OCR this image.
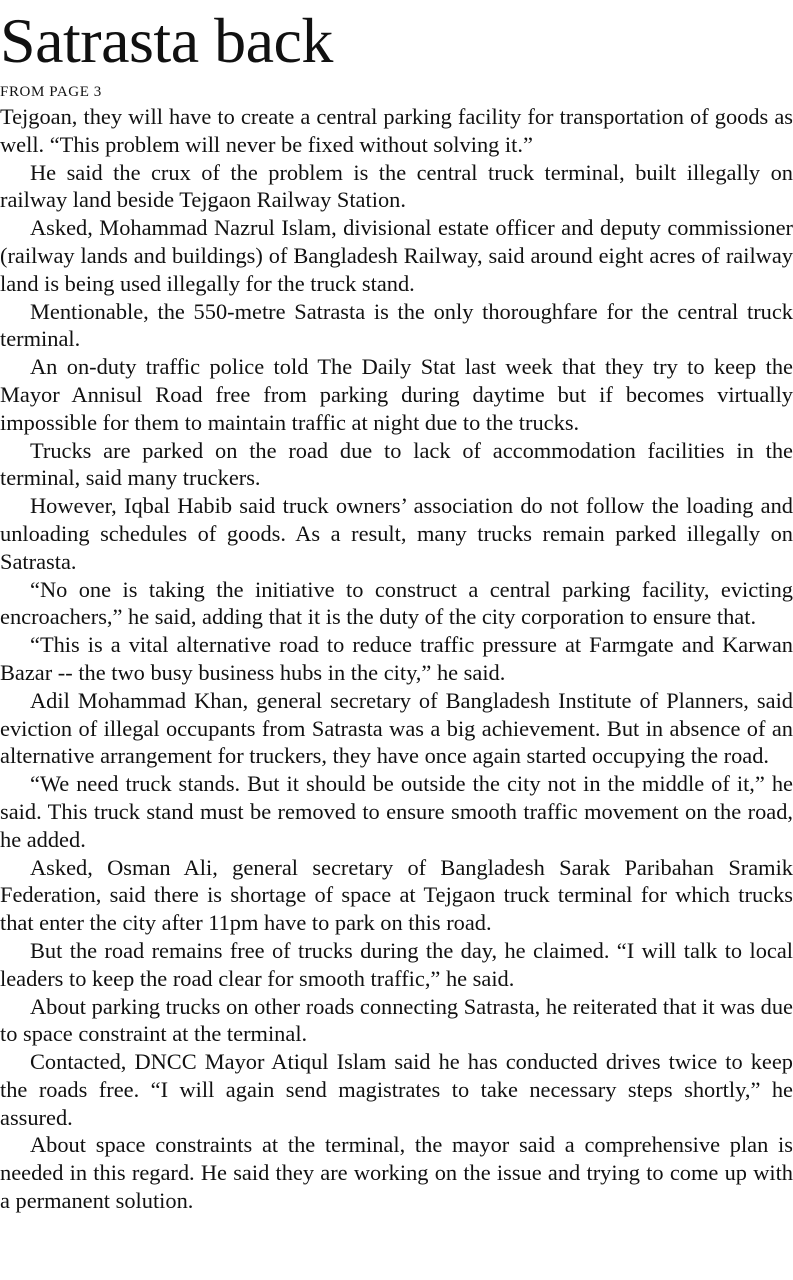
Satrasta back
FROM PAGE 3

Tejgoan, they will have to create a central parking facility for transportation of goods as well. “This problem will never be fixed without solving it.”

He said the crux of the problem is the central truck terminal, built illegally on railway land beside Tejgaon Railway Station.

Asked, Mohammad Nazrul Islam, divisional estate officer and deputy commissioner (railway lands and buildings) of Bangladesh Railway, said around eight acres of railway land is being used illegally for the truck stand.

Mentionable, the 550-metre Satrasta is the only thoroughfare for the central truck terminal.

An on-duty traffic police told The Daily Stat last week that they try to keep the Mayor Annisul Road free from parking during daytime but if becomes virtually impossible for them to maintain traffic at night due to the trucks.

Trucks are parked on the road due to lack of accommodation facilities in the terminal, said many truckers.

However, Iqbal Habib said truck owners’ association do not follow the loading and unloading schedules of goods. As a result, many trucks remain parked illegally on Satrasta.

“No one is taking the initiative to construct a central parking facility, evicting encroachers,” he said, adding that it is the duty of the city corporation to ensure that.

“This is a vital alternative road to reduce traffic pressure at Farmgate and Karwan Bazar -- the two busy business hubs in the city,” he said.

Adil Mohammad Khan, general secretary of Bangladesh Institute of Planners, said eviction of illegal occupants from Satrasta was a big achievement. But in absence of an alternative arrangement for truckers, they have once again started occupying the road.

“We need truck stands. But it should be outside the city not in the middle of it,” he said. This truck stand must be removed to ensure smooth traffic movement on the road, he added.

Asked, Osman Ali, general secretary of Bangladesh Sarak Paribahan Sramik Federation, said there is shortage of space at Tejgaon truck terminal for which trucks that enter the city after 11pm have to park on this road.

But the road remains free of trucks during the day, he claimed. “I will talk to local leaders to keep the road clear for smooth traffic,” he said.

About parking trucks on other roads connecting Satrasta, he reiterated that it was due to space constraint at the terminal.

Contacted, DNCC Mayor Atiqul Islam said he has conducted drives twice to keep the roads free. “I will again send magistrates to take necessary steps shortly,” he assured.

About space constraints at the terminal, the mayor said a comprehensive plan is needed in this regard. He said they are working on the issue and trying to come up with a permanent solution.
